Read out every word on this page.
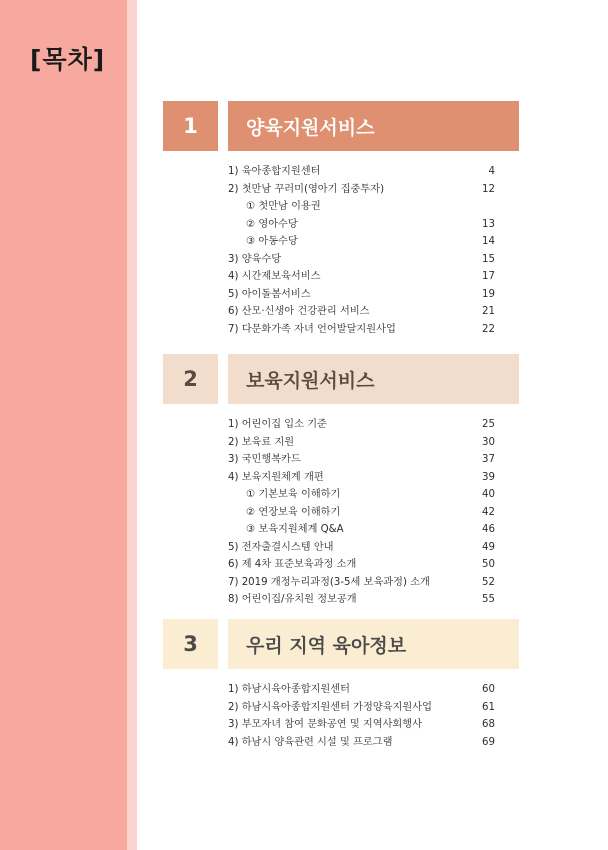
[목차]
1	양육지원서비스
1) 육아종합지원센터	4
2) 첫만남 꾸러미(영아기 집중투자)	12
① 첫만남 이용권
② 영아수당	13
③ 아동수당	14
3) 양육수당	15
4) 시간제보육서비스	17
5) 아이돌봄서비스	19
6) 산모·신생아 건강관리 서비스	21
7) 다문화가족 자녀 언어발달지원사업	22
2	보육지원서비스
1) 어린이집 입소 기준	25
2) 보육료 지원	30
3) 국민행복카드	37
4) 보육지원체계 개편	39
① 기본보육 이해하기	40
② 연장보육 이해하기	42
③ 보육지원체계 Q&A	46
5) 전자출결시스템 안내	49
6) 제 4차 표준보육과정 소개	50
7) 2019 개정누리과정(3-5세 보육과정) 소개	52
8) 어린이집/유치원 정보공개	55
3	우리 지역 육아정보
1) 하남시육아종합지원센터	60
2) 하남시육아종합지원센터 가정양육지원사업	61
3) 부모자녀 참여 문화공연 및 지역사회행사	68
4) 하남시 양육관련 시설 및 프로그램	69
